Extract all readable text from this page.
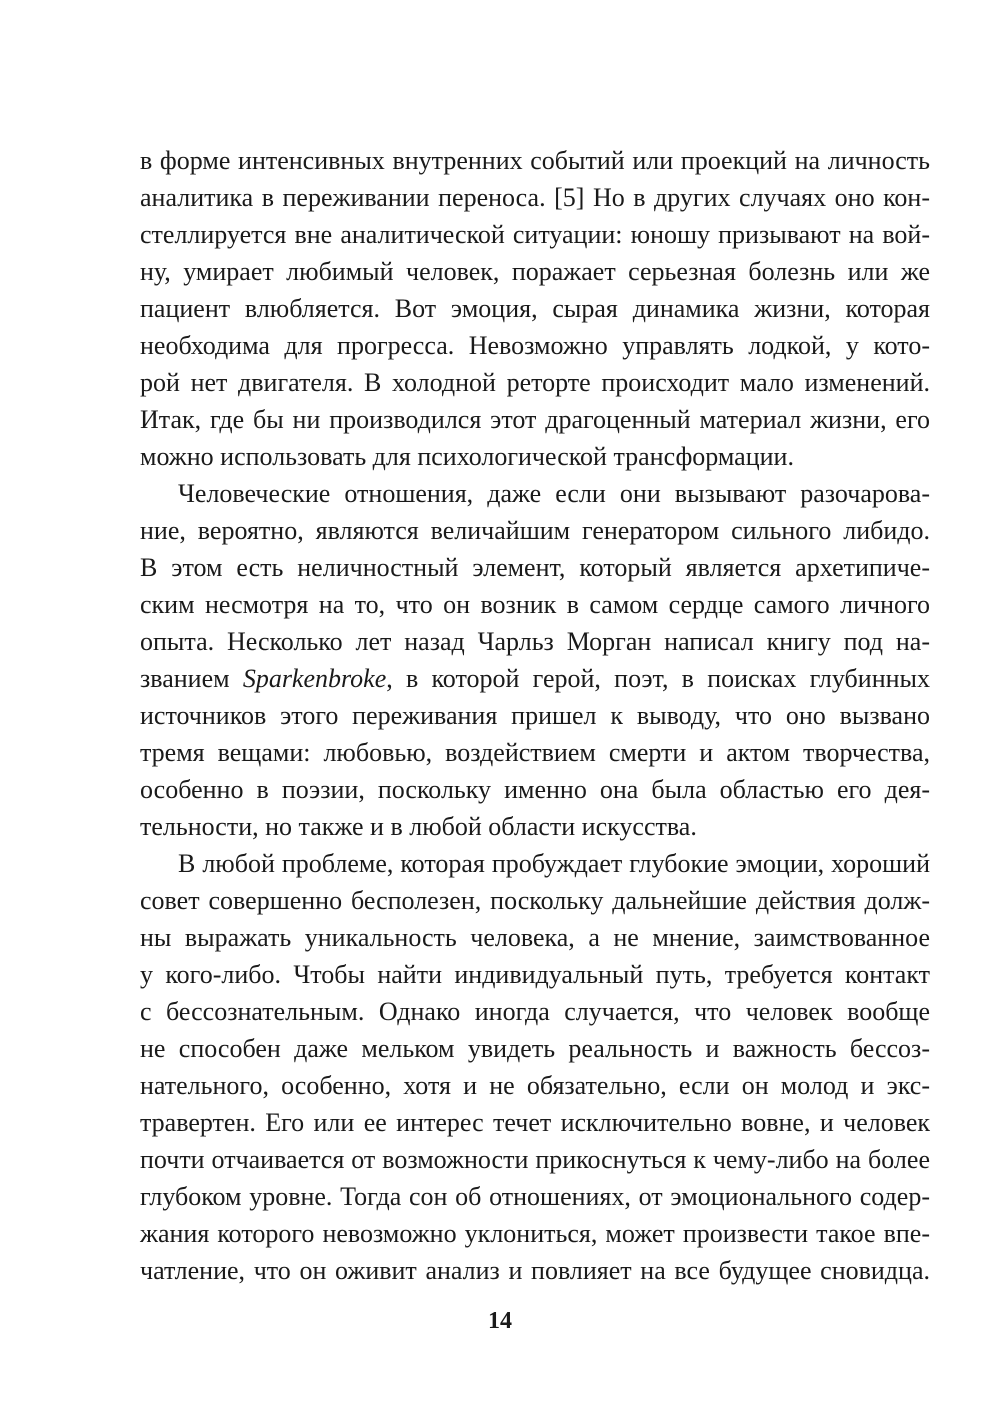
в форме интенсивных внутренних событий или проекций на личность
аналитика в переживании переноса. [5] Но в других случаях оно кон-
стеллируется вне аналитической ситуации: юношу призывают на вой-
ну, умирает любимый человек, поражает серьезная болезнь или же
пациент влюбляется. Вот эмоция, сырая динамика жизни, которая
необходима для прогресса. Невозможно управлять лодкой, у кото-
рой нет двигателя. В холодной реторте происходит мало изменений.
Итак, где бы ни производился этот драгоценный материал жизни, его
можно использовать для психологической трансформации.
Человеческие отношения, даже если они вызывают разочарова-
ние, вероятно, являются величайшим генератором сильного либидо.
В этом есть неличностный элемент, который является архетипиче-
ским несмотря на то, что он возник в самом сердце самого личного
опыта. Несколько лет назад Чарльз Морган написал книгу под на-
званием Sparkenbroke, в которой герой, поэт, в поисках глубинных
источников этого переживания пришел к выводу, что оно вызвано
тремя вещами: любовью, воздействием смерти и актом творчества,
особенно в поэзии, поскольку именно она была областью его дея-
тельности, но также и в любой области искусства.
В любой проблеме, которая пробуждает глубокие эмоции, хороший
совет совершенно бесполезен, поскольку дальнейшие действия долж-
ны выражать уникальность человека, а не мнение, заимствованное
у кого-либо. Чтобы найти индивидуальный путь, требуется контакт
с бессознательным. Однако иногда случается, что человек вообще
не способен даже мельком увидеть реальность и важность бессоз-
нательного, особенно, хотя и не обязательно, если он молод и экс-
травертен. Его или ее интерес течет исключительно вовне, и человек
почти отчаивается от возможности прикоснуться к чему-либо на более
глубоком уровне. Тогда сон об отношениях, от эмоционального содер-
жания которого невозможно уклониться, может произвести такое впе-
чатление, что он оживит анализ и повлияет на все будущее сновидца.
14
